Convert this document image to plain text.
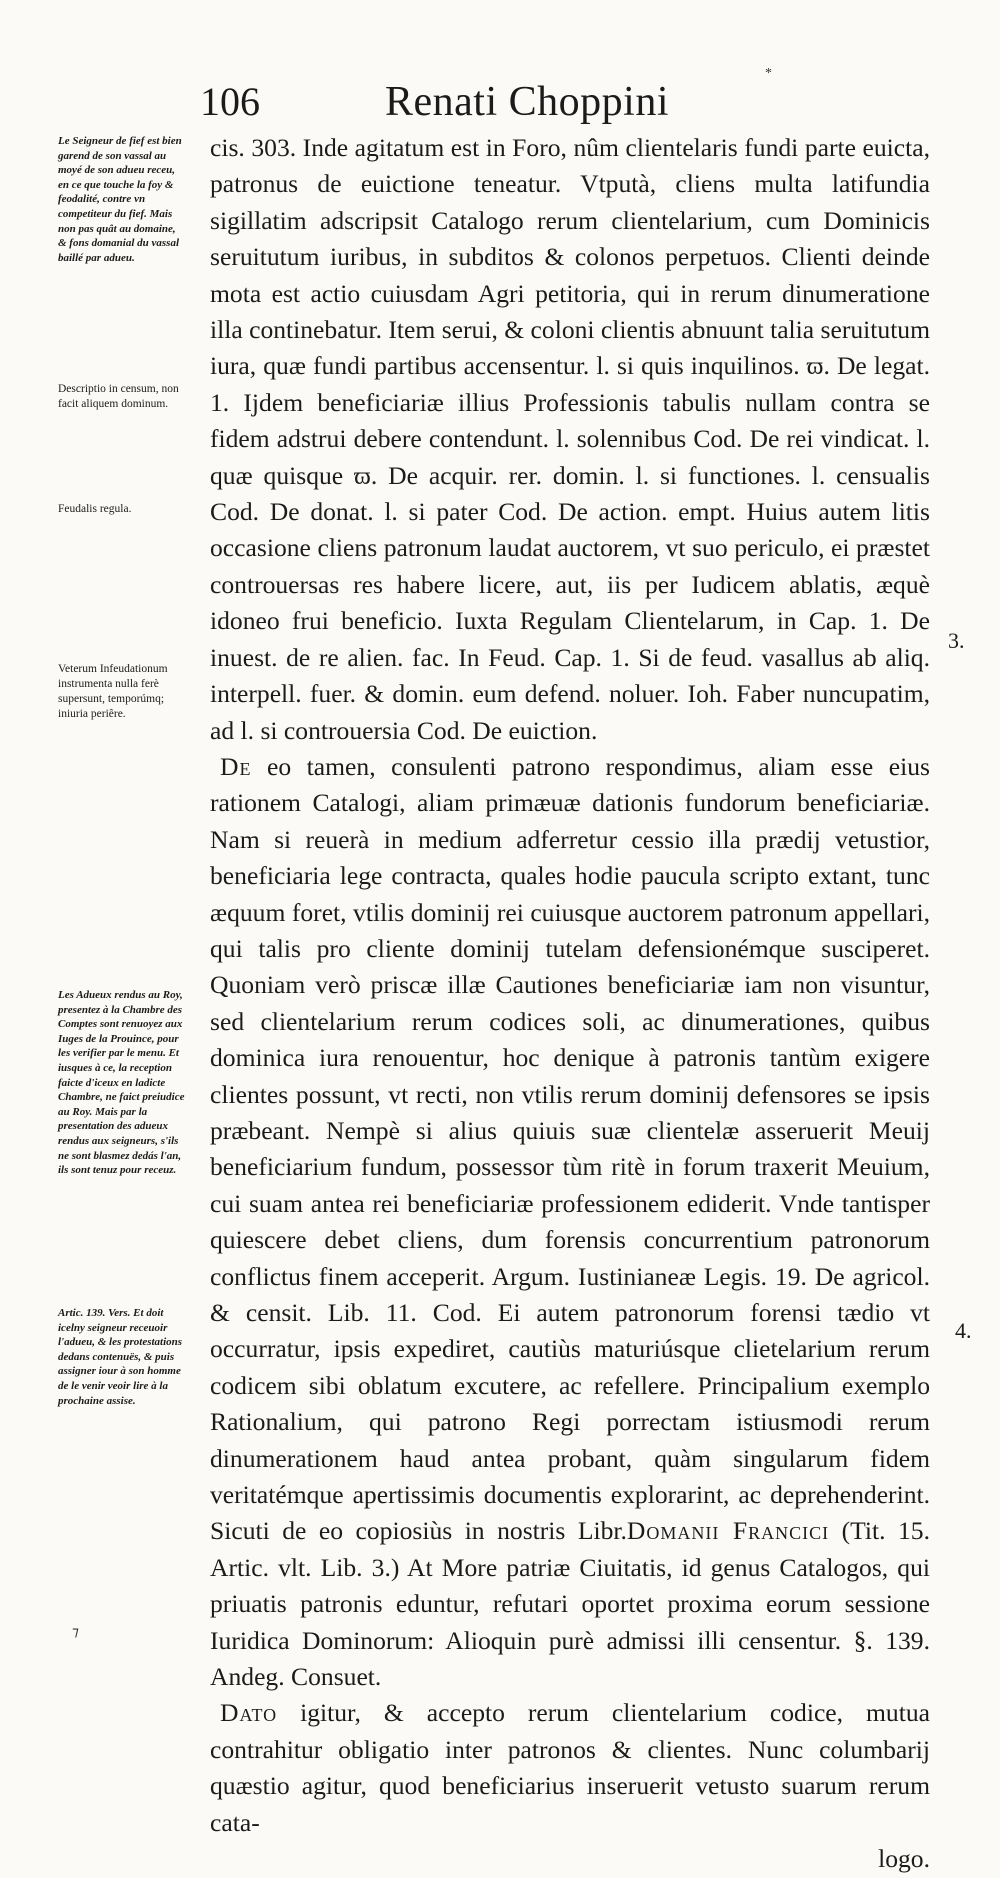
106	Renati Choppini
Le Seigneur de fief est bien garend de son vassal au moyé de son adueu receu, en ce que touche la foy & feodalité, contre vn competiteur du fief. Mais non pas quât au domaine, & fons domanial du vassal baillé par adueu.
Descriptio in censum, non facit aliquem dominum.
Feudalis regula.
Veterum Infeudationum instrumenta nulla ferè supersunt, temporúmq; iniuria periêre.
Les Adueux rendus au Roy, presentez à la Chambre des Comptes sont renuoyez aux Iuges de la Prouince, pour les verifier par le menu. Et iusques à ce, la reception faicte d'iceux en ladicte Chambre, ne faict preiudice au Roy. Mais par la presentation des adueux rendus aux seigneurs, s'ils ne sont blasmez dedás l'an, ils sont tenuz pour receuz.
Artic. 139. Vers. Et doit icelny seigneur receuoir l'adueu, & les protestations dedans contenuës, & puis assigner iour à son homme de le venir veoir lire à la prochaine assise.

cis. 303. Inde agitatum est in Foro, nûm clientelaris fundi parte euicta, patronus de euictione teneatur. Vtputà, cliens multa latifundia sigillatim adscripsit Catalogo rerum clientelarium, cum Dominicis seruitutum iuribus, in subditos & colonos perpetuos. Clienti deinde mota est actio cuiusdam Agri petitoria, qui in rerum dinumeratione illa continebatur. Item serui, & coloni clientis abnuunt talia seruitutum iura, quæ fundi partibus accensentur. l. si quis inquilinos. ϖ. De legat. 1. Ijdem beneficiariæ illius Professionis tabulis nullam contra se fidem adstrui debere contendunt. l. solennibus Cod. De rei vindicat. l. quæ quisque ϖ. De acquir. rer. domin. l. si functiones. l. censualis Cod. De donat. l. si pater Cod. De action. empt. Huius autem litis occasione cliens patronum laudat auctorem, vt suo periculo, ei præstet controuersas res habere licere, aut, iis per Iudicem ablatis, æquè idoneo frui beneficio. Iuxta Regulam Clientelarum, in Cap. 1. De inuest. de re alien. fac. In Feud. Cap. 1. Si de feud. vasallus ab aliq. interpell. fuer. & domin. eum defend. noluer. Ioh. Faber nuncupatim, ad l. si controuersia Cod. De euiction.

De eo tamen, consulenti patrono respondimus, aliam esse eius rationem Catalogi, aliam primæuæ dationis fundorum beneficiariæ. Nam si reuerà in medium adferretur cessio illa prædij vetustior, beneficiaria lege contracta, quales hodie paucula scripto extant, tunc æquum foret, vtilis dominij rei cuiusque auctorem patronum appellari, qui talis pro cliente dominij tutelam defensionémque susciperet. Quoniam verò priscæ illæ Cautiones beneficiariæ iam non visuntur, sed clientelarium rerum codices soli, ac dinumerationes, quibus dominica iura renouentur, hoc denique à patronis tantùm exigere clientes possunt, vt recti, non vtilis rerum dominij defensores se ipsis præbeant. Nempè si alius quiuis suæ clientelæ asseruerit Meuij beneficiarium fundum, possessor tùm ritè in forum traxerit Meuium, cui suam antea rei beneficiariæ professionem ediderit. Vnde tantisper quiescere debet cliens, dum forensis concurrentium patronorum conflictus finem acceperit. Argum. Iustinianeæ Legis. 19. De agricol. & censit. Lib. 11. Cod. Ei autem patronorum forensi tædio vt occurratur, ipsis expediret, cautiùs maturiúsque clietelarium rerum codicem sibi oblatum excutere, ac refellere. Principalium exemplo Rationalium, qui patrono Regi porrectam istiusmodi rerum dinumerationem haud antea probant, quàm singularum fidem veritatémque apertissimis documentis explorarint, ac deprehenderint. Sicuti de eo copiosiùs in nostris Libr.Domanii Francici (Tit. 15. Artic. vlt. Lib. 3.) At More patriæ Ciuitatis, id genus Catalogos, qui priuatis patronis eduntur, refutari oportet proxima eorum sessione Iuridica Dominorum: Alioquin purè admissi illi censentur. §. 139. Andeg. Consuet.

Dato igitur, & accepto rerum clientelarium codice, mutua contrahitur obligatio inter patronos & clientes. Nunc columbarij quæstio agitur, quod beneficiarius inseruerit vetusto suarum rerum cata-

logo.

3.
4.
*
⁊
